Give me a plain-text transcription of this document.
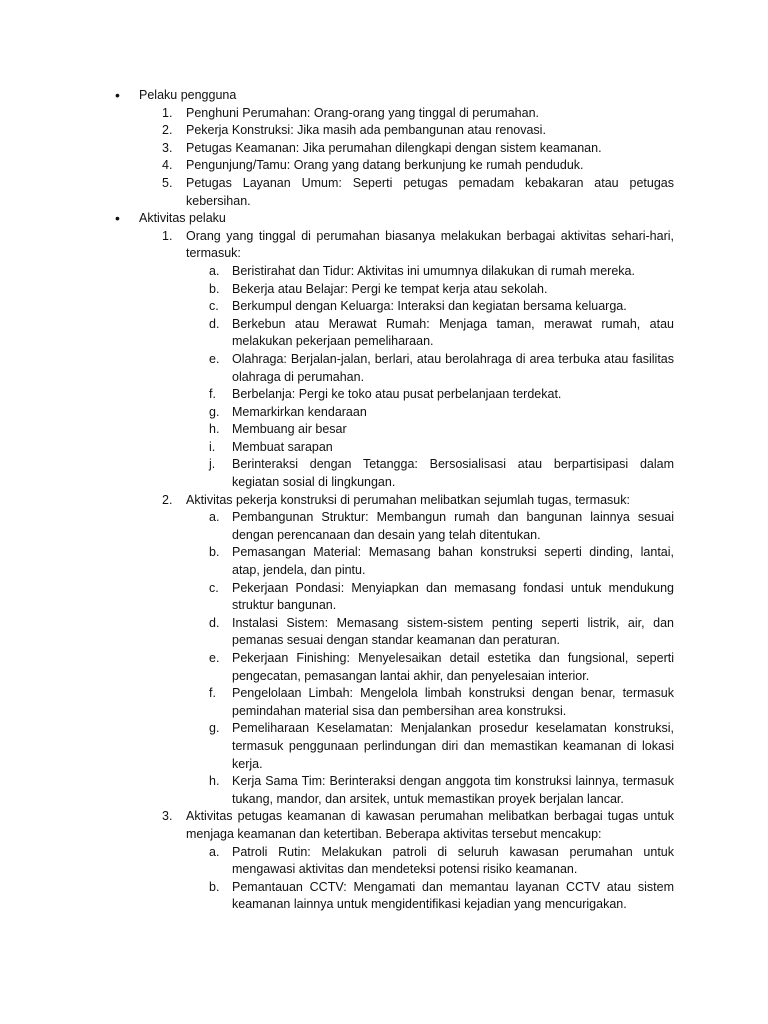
• Pelaku pengguna
1. Penghuni Perumahan: Orang-orang yang tinggal di perumahan.
2. Pekerja Konstruksi: Jika masih ada pembangunan atau renovasi.
3. Petugas Keamanan: Jika perumahan dilengkapi dengan sistem keamanan.
4. Pengunjung/Tamu: Orang yang datang berkunjung ke rumah penduduk.
5. Petugas Layanan Umum: Seperti petugas pemadam kebakaran atau petugas kebersihan.
• Aktivitas pelaku
1. Orang yang tinggal di perumahan biasanya melakukan berbagai aktivitas sehari-hari, termasuk:
a. Beristirahat dan Tidur: Aktivitas ini umumnya dilakukan di rumah mereka.
b. Bekerja atau Belajar: Pergi ke tempat kerja atau sekolah.
c. Berkumpul dengan Keluarga: Interaksi dan kegiatan bersama keluarga.
d. Berkebun atau Merawat Rumah: Menjaga taman, merawat rumah, atau melakukan pekerjaan pemeliharaan.
e. Olahraga: Berjalan-jalan, berlari, atau berolahraga di area terbuka atau fasilitas olahraga di perumahan.
f. Berbelanja: Pergi ke toko atau pusat perbelanjaan terdekat.
g. Memarkirkan kendaraan
h. Membuang air besar
i. Membuat sarapan
j. Berinteraksi dengan Tetangga: Bersosialisasi atau berpartisipasi dalam kegiatan sosial di lingkungan.
2. Aktivitas pekerja konstruksi di perumahan melibatkan sejumlah tugas, termasuk:
a. Pembangunan Struktur: Membangun rumah dan bangunan lainnya sesuai dengan perencanaan dan desain yang telah ditentukan.
b. Pemasangan Material: Memasang bahan konstruksi seperti dinding, lantai, atap, jendela, dan pintu.
c. Pekerjaan Pondasi: Menyiapkan dan memasang fondasi untuk mendukung struktur bangunan.
d. Instalasi Sistem: Memasang sistem-sistem penting seperti listrik, air, dan pemanas sesuai dengan standar keamanan dan peraturan.
e. Pekerjaan Finishing: Menyelesaikan detail estetika dan fungsional, seperti pengecatan, pemasangan lantai akhir, dan penyelesaian interior.
f. Pengelolaan Limbah: Mengelola limbah konstruksi dengan benar, termasuk pemindahan material sisa dan pembersihan area konstruksi.
g. Pemeliharaan Keselamatan: Menjalankan prosedur keselamatan konstruksi, termasuk penggunaan perlindungan diri dan memastikan keamanan di lokasi kerja.
h. Kerja Sama Tim: Berinteraksi dengan anggota tim konstruksi lainnya, termasuk tukang, mandor, dan arsitek, untuk memastikan proyek berjalan lancar.
3. Aktivitas petugas keamanan di kawasan perumahan melibatkan berbagai tugas untuk menjaga keamanan dan ketertiban. Beberapa aktivitas tersebut mencakup:
a. Patroli Rutin: Melakukan patroli di seluruh kawasan perumahan untuk mengawasi aktivitas dan mendeteksi potensi risiko keamanan.
b. Pemantauan CCTV: Mengamati dan memantau layanan CCTV atau sistem keamanan lainnya untuk mengidentifikasi kejadian yang mencurigakan.
